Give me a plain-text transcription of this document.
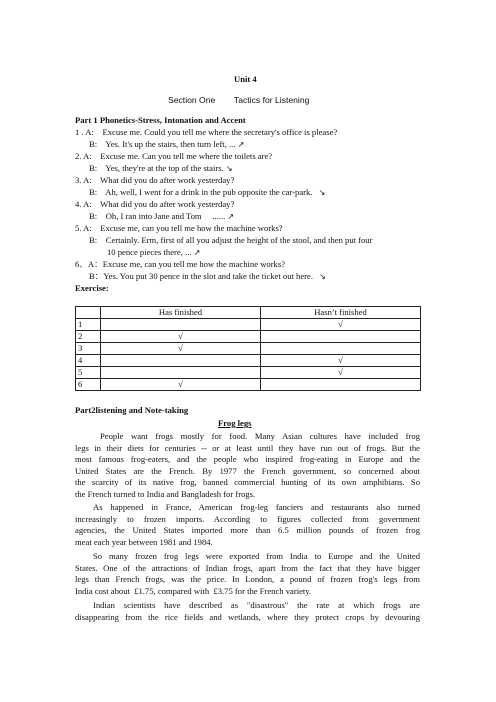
Unit 4
Section One Tactics for Listening
Part 1 Phonetics-Stress, Intonation and Accent
1 . A:    Excuse me. Could you tell me where the secretary's office is please?
B:    Yes. It's up the stairs, then turn left, ... ↗
2. A:    Excuse me. Can you tell me where the toilets are?
B:    Yes, they're at the top of the stairs. ↘
3. A:    What did you do after work yesterday?
B:    Ah, well, I went for a drink in the pub opposite the car-park. ↘
4. A:    What did you do after work yesterday?
B:    Oh, I ran into Jane and Tom     ...... ↗
5. A:    Excuse me, can you tell me how the machine works?
B:    Certainly. Erm, first of all you adjust the height of the stool, and then put four
10 pence pieces there, ... ↗
6、A：Excuse me, can you tell me how the machine works?
B：Yes. You put 30 pence in the slot and take the ticket out here. ↘
Exercise:
	Has finished	Hasn’t finished
1		√
2	√	
3	√	
4		√
5		√
6	√	
Part2listening and Note-taking
Frog legs
People want frogs mostly for food. Many Asian cultures have included frog
legs in their diets for centuries -- or at least until they have run out of frogs. But the
most famous frog-eaters, and the people who inspired frog-eating in Europe and the
United States are the French. By 1977 the French government, so concerned about
the scarcity of its native frog, banned commercial hunting of its own amphibians. So
the French turned to India and Bangladesh for frogs.
As happened in France, American frog-leg fanciers and restaurants also turned
increasingly to frozen imports. According to figures collected from government
agencies, the United States imported more than 6.5 million pounds of frozen frog
meat each year between 1981 and 1984.
So many frozen frog legs were exported from India to Europe and the United
States. One of the attractions of Indian frogs, apart from the fact that they have bigger
legs than French frogs, was the price. In London, a pound of frozen frog's legs from
India cost about  £1.75, compared with  £3.75 for the French variety.
Indian scientists have described as "disastrous" the rate at which frogs are
disappearing from the rice fields and wetlands, where they protect crops by devouring
